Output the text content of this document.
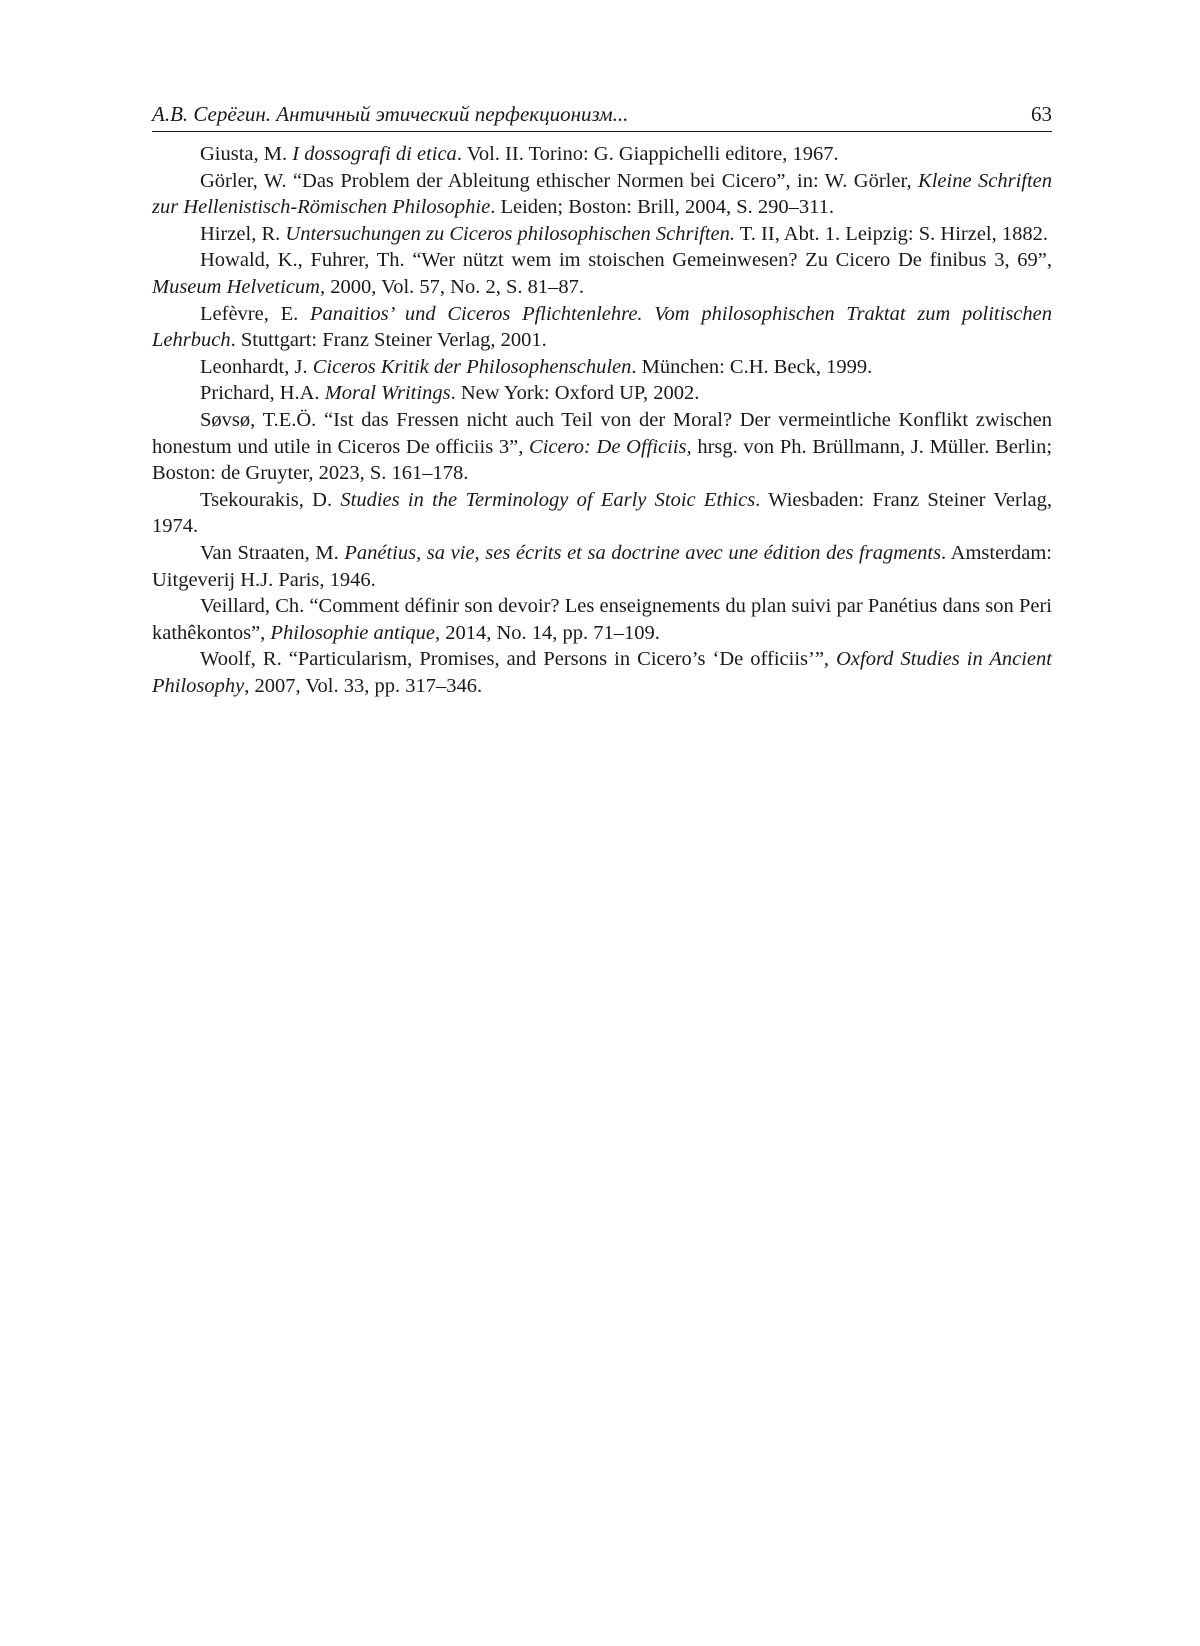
А.В. Серёгин. Античный этический перфекционизм...	63

Giusta, M. I dossografi di etica. Vol. II. Torino: G. Giappichelli editore, 1967.

Görler, W. “Das Problem der Ableitung ethischer Normen bei Cicero”, in: W. Görler, Kleine Schriften zur Hellenistisch-Römischen Philosophie. Leiden; Boston: Brill, 2004, S. 290–311.

Hirzel, R. Untersuchungen zu Ciceros philosophischen Schriften. T. II, Abt. 1. Leipzig: S. Hirzel, 1882.

Howald, K., Fuhrer, Th. “Wer nützt wem im stoischen Gemeinwesen? Zu Cicero De finibus 3, 69”, Museum Helveticum, 2000, Vol. 57, No. 2, S. 81–87.

Lefèvre, E. Panaitios’ und Ciceros Pflichtenlehre. Vom philosophischen Traktat zum politischen Lehrbuch. Stuttgart: Franz Steiner Verlag, 2001.

Leonhardt, J. Ciceros Kritik der Philosophenschulen. München: C.H. Beck, 1999.

Prichard, H.A. Moral Writings. New York: Oxford UP, 2002.

Søvsø, T.E.Ö. “Ist das Fressen nicht auch Teil von der Moral? Der vermeintliche Konflikt zwischen honestum und utile in Ciceros De officiis 3”, Cicero: De Officiis, hrsg. von Ph. Brüllmann, J. Müller. Berlin; Boston: de Gruyter, 2023, S. 161–178.

Tsekourakis, D. Studies in the Terminology of Early Stoic Ethics. Wiesbaden: Franz Steiner Verlag, 1974.

Van Straaten, M. Panétius, sa vie, ses écrits et sa doctrine avec une édition des fragments. Amsterdam: Uitgeverij H.J. Paris, 1946.

Veillard, Ch. “Comment définir son devoir? Les enseignements du plan suivi par Panétius dans son Peri kathêkontos”, Philosophie antique, 2014, No. 14, pp. 71–109.

Woolf, R. “Particularism, Promises, and Persons in Cicero’s ‘De officiis’”, Oxford Studies in Ancient Philosophy, 2007, Vol. 33, pp. 317–346.
